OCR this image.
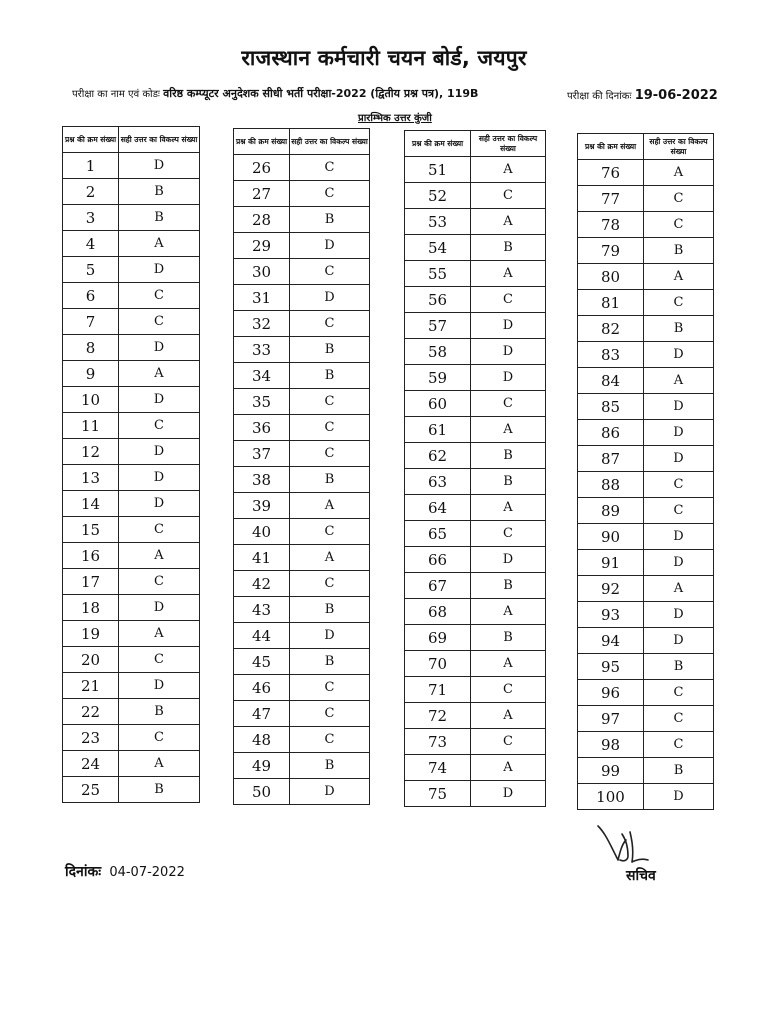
राजस्थान कर्मचारी चयन बोर्ड, जयपुर
परीक्षा का नाम एवं कोडः वरिष्ठ कम्प्यूटर अनुदेशक सीधी भर्ती परीक्षा-2022 (द्वितीय प्रश्न पत्र), 119B	परीक्षा की दिनांकः 19-06-2022
प्रारम्भिक उत्तर कुंजी
प्रश्न की क्रम संख्या	सही उत्तर का विकल्प संख्या
1	D
2	B
3	B
4	A
5	D
6	C
7	C
8	D
9	A
10	D
11	C
12	D
13	D
14	D
15	C
16	A
17	C
18	D
19	A
20	C
21	D
22	B
23	C
24	A
25	B
प्रश्न की क्रम संख्या	सही उत्तर का विकल्प संख्या
26	C
27	C
28	B
29	D
30	C
31	D
32	C
33	B
34	B
35	C
36	C
37	C
38	B
39	A
40	C
41	A
42	C
43	B
44	D
45	B
46	C
47	C
48	C
49	B
50	D
प्रश्न की क्रम संख्या	सही उत्तर का विकल्प संख्या
51	A
52	C
53	A
54	B
55	A
56	C
57	D
58	D
59	D
60	C
61	A
62	B
63	B
64	A
65	C
66	D
67	B
68	A
69	B
70	A
71	C
72	A
73	C
74	A
75	D
प्रश्न की क्रम संख्या	सही उत्तर का विकल्प संख्या
76	A
77	C
78	C
79	B
80	A
81	C
82	B
83	D
84	A
85	D
86	D
87	D
88	C
89	C
90	D
91	D
92	A
93	D
94	D
95	B
96	C
97	C
98	C
99	B
100	D
दिनांकः 04-07-2022	सचिव
